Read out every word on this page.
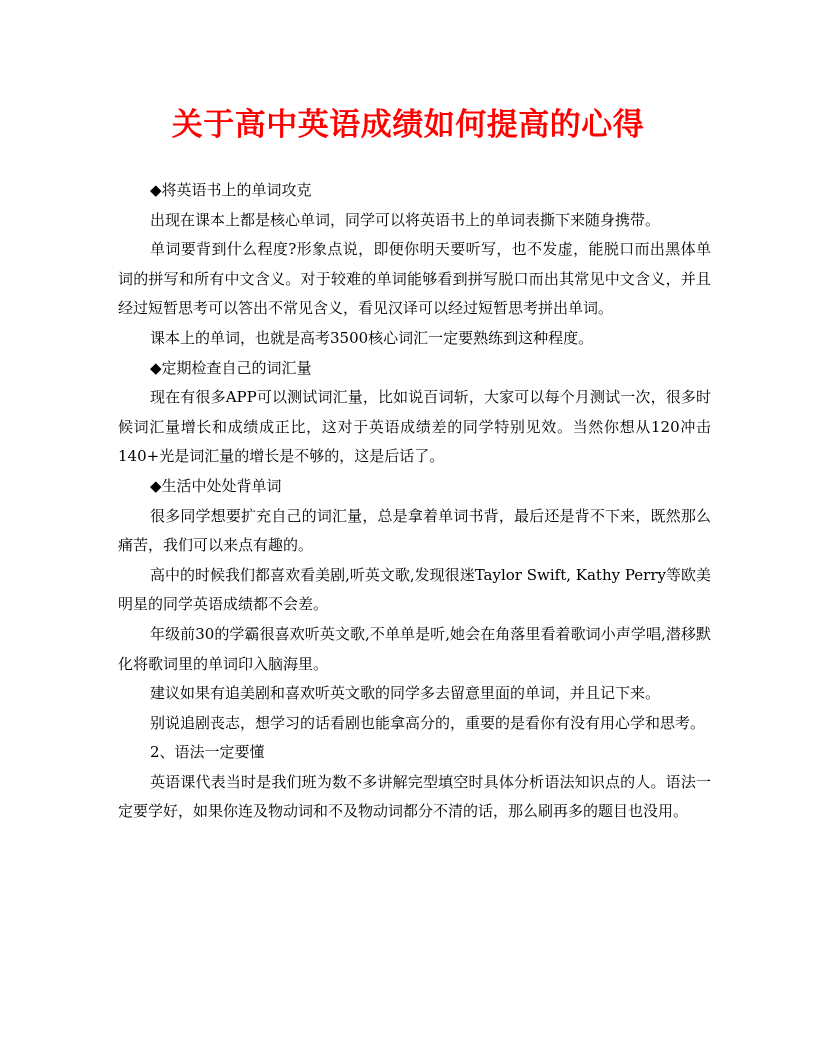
关于高中英语成绩如何提高的心得

◆将英语书上的单词攻克

出现在课本上都是核心单词，同学可以将英语书上的单词表撕下来随身携带。

单词要背到什么程度?形象点说，即便你明天要听写，也不发虚，能脱口而出黑体单词的拼写和所有中文含义。对于较难的单词能够看到拼写脱口而出其常见中文含义，并且经过短暂思考可以答出不常见含义，看见汉译可以经过短暂思考拼出单词。

课本上的单词，也就是高考3500核心词汇一定要熟练到这种程度。

◆定期检查自己的词汇量

现在有很多APP可以测试词汇量，比如说百词斩，大家可以每个月测试一次，很多时候词汇量增长和成绩成正比，这对于英语成绩差的同学特别见效。当然你想从120冲击140+光是词汇量的增长是不够的，这是后话了。

◆生活中处处背单词

很多同学想要扩充自己的词汇量，总是拿着单词书背，最后还是背不下来，既然那么痛苦，我们可以来点有趣的。

高中的时候我们都喜欢看美剧,听英文歌,发现很迷Taylor Swift, Kathy Perry等欧美明星的同学英语成绩都不会差。

年级前30的学霸很喜欢听英文歌,不单单是听,她会在角落里看着歌词小声学唱,潜移默化将歌词里的单词印入脑海里。

建议如果有追美剧和喜欢听英文歌的同学多去留意里面的单词，并且记下来。

别说追剧丧志，想学习的话看剧也能拿高分的，重要的是看你有没有用心学和思考。

2、语法一定要懂

英语课代表当时是我们班为数不多讲解完型填空时具体分析语法知识点的人。语法一定要学好，如果你连及物动词和不及物动词都分不清的话，那么刷再多的题目也没用。
